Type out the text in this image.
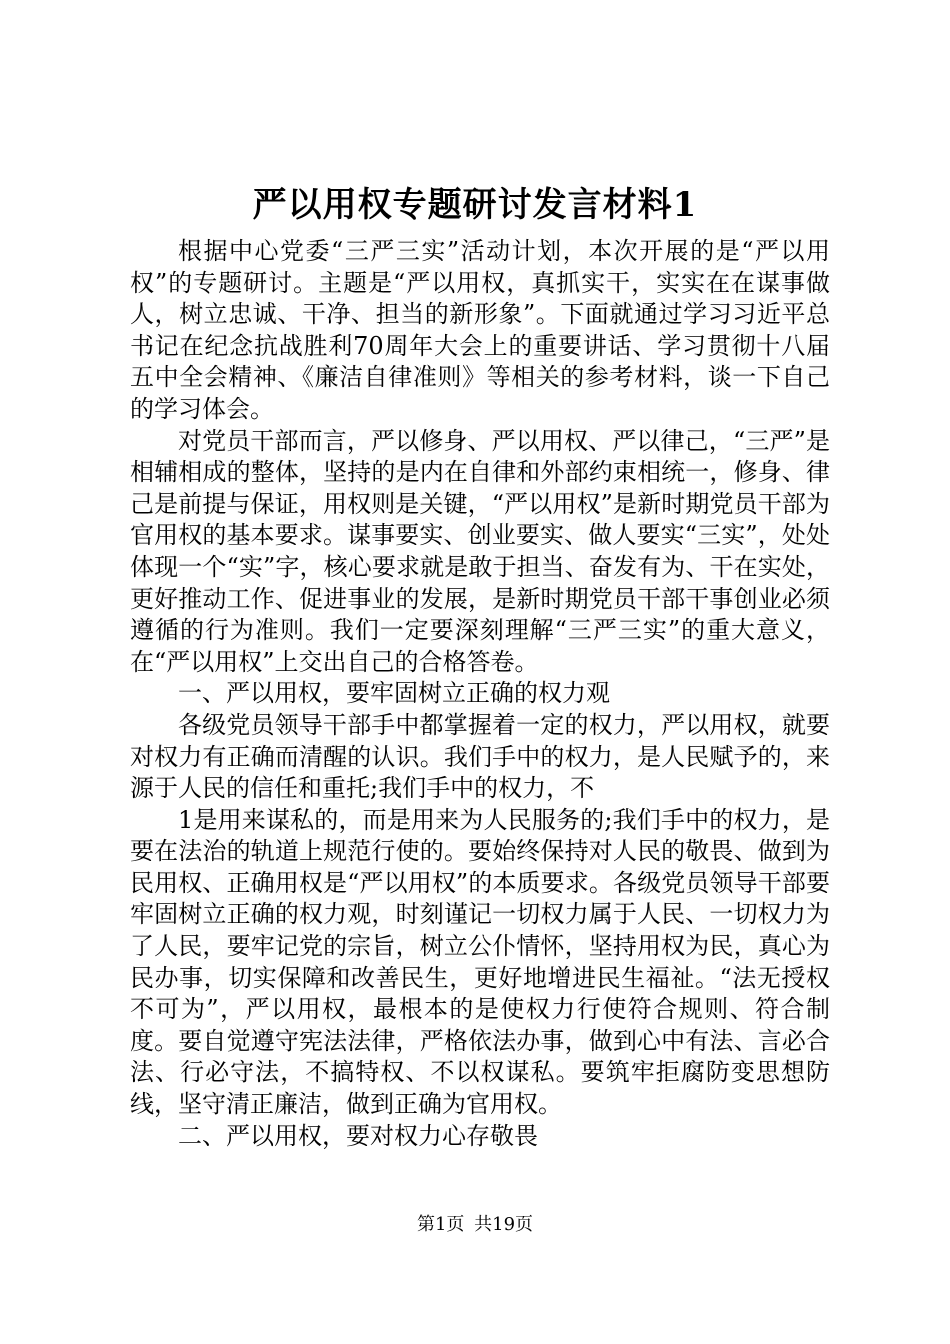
严以用权专题研讨发言材料1

根据中心党委“三严三实”活动计划，本次开展的是“严以用权”的专题研讨。主题是“严以用权，真抓实干，实实在在谋事做人，树立忠诚、干净、担当的新形象”。下面就通过学习习近平总书记在纪念抗战胜利70周年大会上的重要讲话、学习贯彻十八届五中全会精神、《廉洁自律准则》等相关的参考材料，谈一下自己的学习体会。

对党员干部而言，严以修身、严以用权、严以律己，“三严”是相辅相成的整体，坚持的是内在自律和外部约束相统一，修身、律己是前提与保证，用权则是关键，“严以用权”是新时期党员干部为官用权的基本要求。谋事要实、创业要实、做人要实“三实”，处处体现一个“实”字，核心要求就是敢于担当、奋发有为、干在实处，更好推动工作、促进事业的发展，是新时期党员干部干事创业必须遵循的行为准则。我们一定要深刻理解“三严三实”的重大意义，在“严以用权”上交出自己的合格答卷。

一、严以用权，要牢固树立正确的权力观

各级党员领导干部手中都掌握着一定的权力，严以用权，就要对权力有正确而清醒的认识。我们手中的权力，是人民赋予的，来源于人民的信任和重托;我们手中的权力，不

1是用来谋私的，而是用来为人民服务的;我们手中的权力，是要在法治的轨道上规范行使的。要始终保持对人民的敬畏、做到为民用权、正确用权是“严以用权”的本质要求。各级党员领导干部要牢固树立正确的权力观，时刻谨记一切权力属于人民、一切权力为了人民，要牢记党的宗旨，树立公仆情怀，坚持用权为民，真心为民办事，切实保障和改善民生，更好地增进民生福祉。“法无授权不可为”，严以用权，最根本的是使权力行使符合规则、符合制度。要自觉遵守宪法法律，严格依法办事，做到心中有法、言必合法、行必守法，不搞特权、不以权谋私。要筑牢拒腐防变思想防线，坚守清正廉洁，做到正确为官用权。

二、严以用权，要对权力心存敬畏

第1页 共19页
